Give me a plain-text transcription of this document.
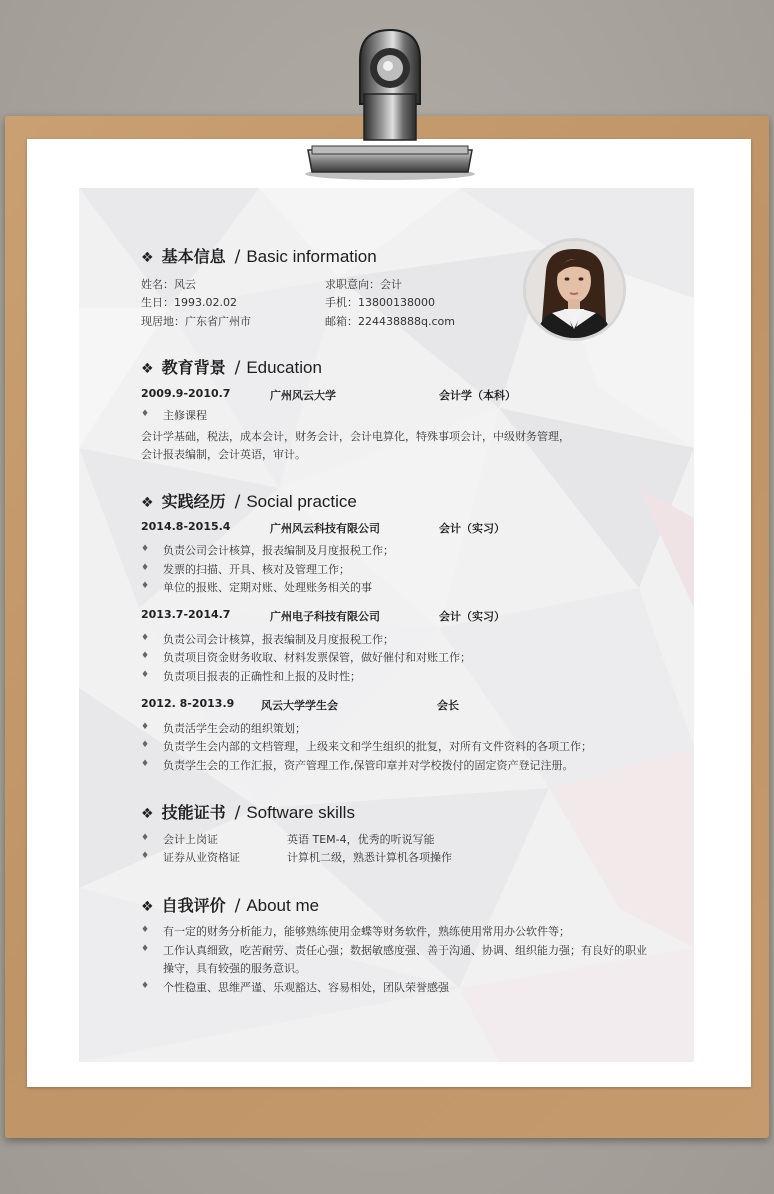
❖ 基本信息 / Basic information
姓名：风云	求职意向：会计
生日：1993.02.02	手机：13800138000
现居地：广东省广州市	邮箱：224438888q.com
❖ 教育背景 / Education
2009.9-2010.7	广州风云大学	会计学（本科）
♦ 主修课程
会计学基础，税法，成本会计，财务会计，会计电算化，特殊事项会计，中级财务管理，
会计报表编制，会计英语，审计。
❖ 实践经历 / Social practice
2014.8-2015.4	广州风云科技有限公司	会计（实习）
♦ 负责公司会计核算，报表编制及月度报税工作；
♦ 发票的扫描、开具、核对及管理工作；
♦ 单位的报账、定期对账、处理账务相关的事
2013.7-2014.7	广州电子科技有限公司	会计（实习）
♦ 负责公司会计核算，报表编制及月度报税工作；
♦ 负责项目资金财务收取、材料发票保管，做好催付和对账工作；
♦ 负责项目报表的正确性和上报的及时性；
2012. 8-2013.9 风云大学学生会	会长
♦ 负责活学生会动的组织策划；
♦ 负责学生会内部的文档管理，上级来文和学生组织的批复，对所有文件资料的各项工作；
♦ 负责学生会的工作汇报，资产管理工作,保管印章并对学校拨付的固定资产登记注册。
❖ 技能证书 / Software skills
♦ 会计上岗证	英语 TEM-4，优秀的听说写能
♦ 证券从业资格证	计算机二级，熟悉计算机各项操作
❖ 自我评价 / About me
♦ 有一定的财务分析能力，能够熟练使用金蝶等财务软件，熟练使用常用办公软件等；
♦ 工作认真细致，吃苦耐劳、责任心强；数据敏感度强、善于沟通、协调、组织能力强；有良好的职业
操守，具有较强的服务意识。
♦ 个性稳重、思维严谨、乐观豁达、容易相处，团队荣誉感强
